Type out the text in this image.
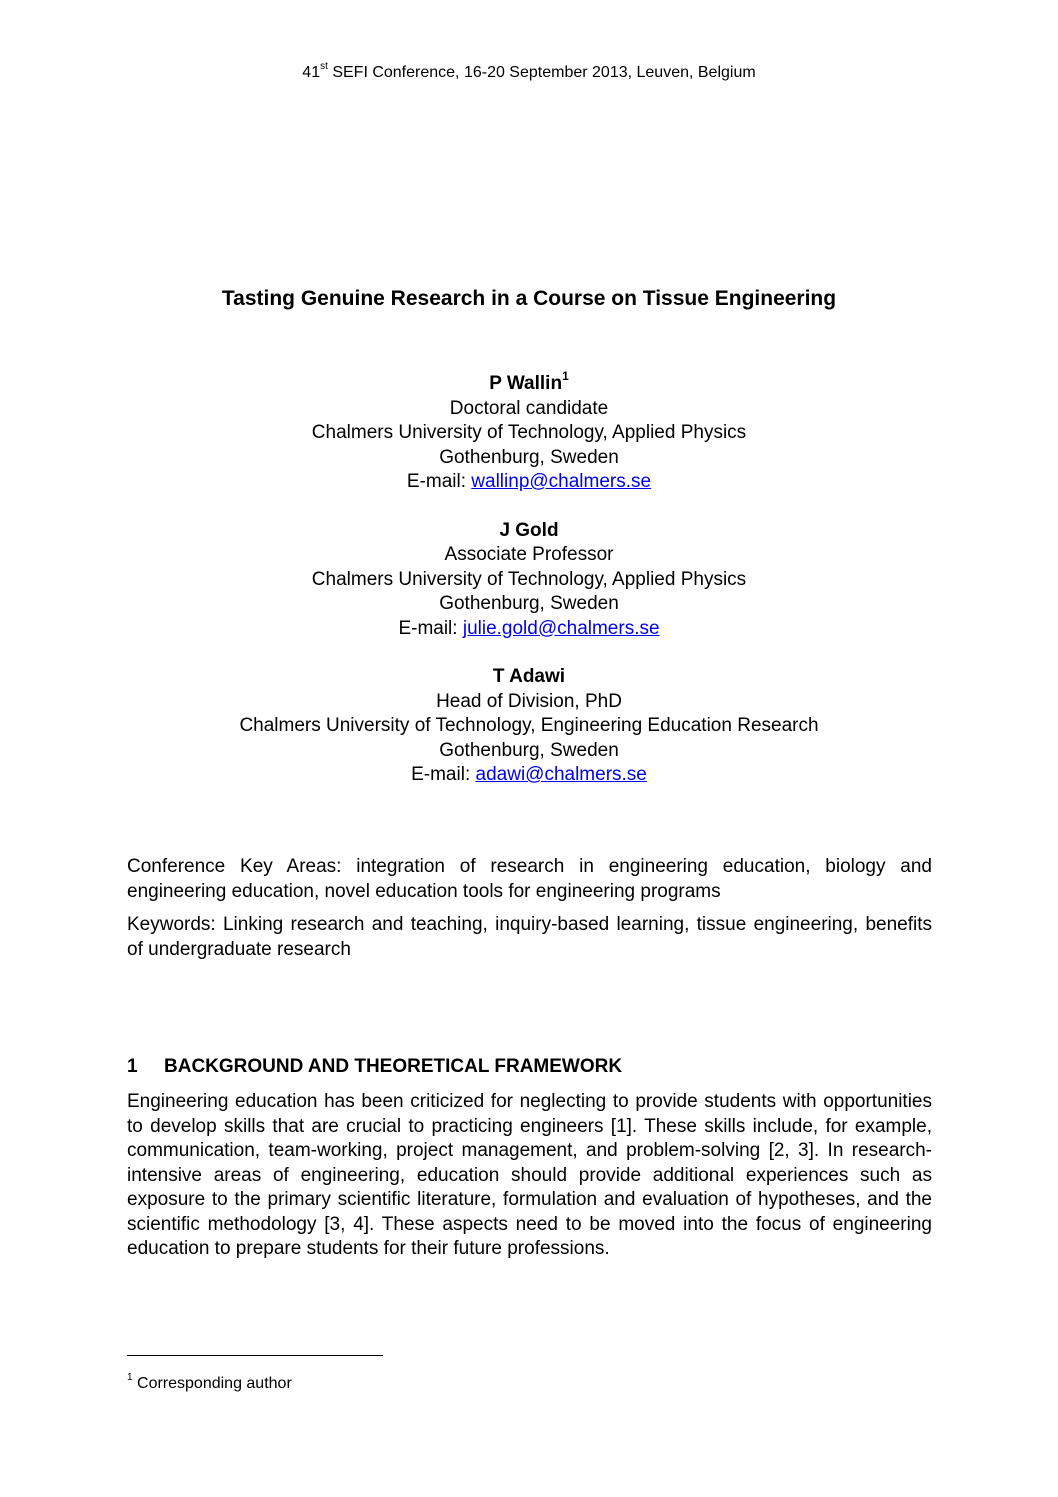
41st SEFI Conference, 16-20 September 2013, Leuven, Belgium
Tasting Genuine Research in a Course on Tissue Engineering
P Wallin$^1$
Doctoral candidate
Chalmers University of Technology, Applied Physics
Gothenburg, Sweden
E-mail: wallinp@chalmers.se
J Gold
Associate Professor
Chalmers University of Technology, Applied Physics
Gothenburg, Sweden
E-mail: julie.gold@chalmers.se
T Adawi
Head of Division, PhD
Chalmers University of Technology, Engineering Education Research
Gothenburg, Sweden
E-mail: adawi@chalmers.se
Conference Key Areas: integration of research in engineering education, biology and engineering education, novel education tools for engineering programs
Keywords: Linking research and teaching, inquiry-based learning, tissue engineering, benefits of undergraduate research
1 BACKGROUND AND THEORETICAL FRAMEWORK
Engineering education has been criticized for neglecting to provide students with opportunities to develop skills that are crucial to practicing engineers [1]. These skills include, for example, communication, team-working, project management, and problem-solving [2, 3]. In research-intensive areas of engineering, education should provide additional experiences such as exposure to the primary scientific literature, formulation and evaluation of hypotheses, and the scientific methodology [3, 4]. These aspects need to be moved into the focus of engineering education to prepare students for their future professions.
$^1$ Corresponding author
